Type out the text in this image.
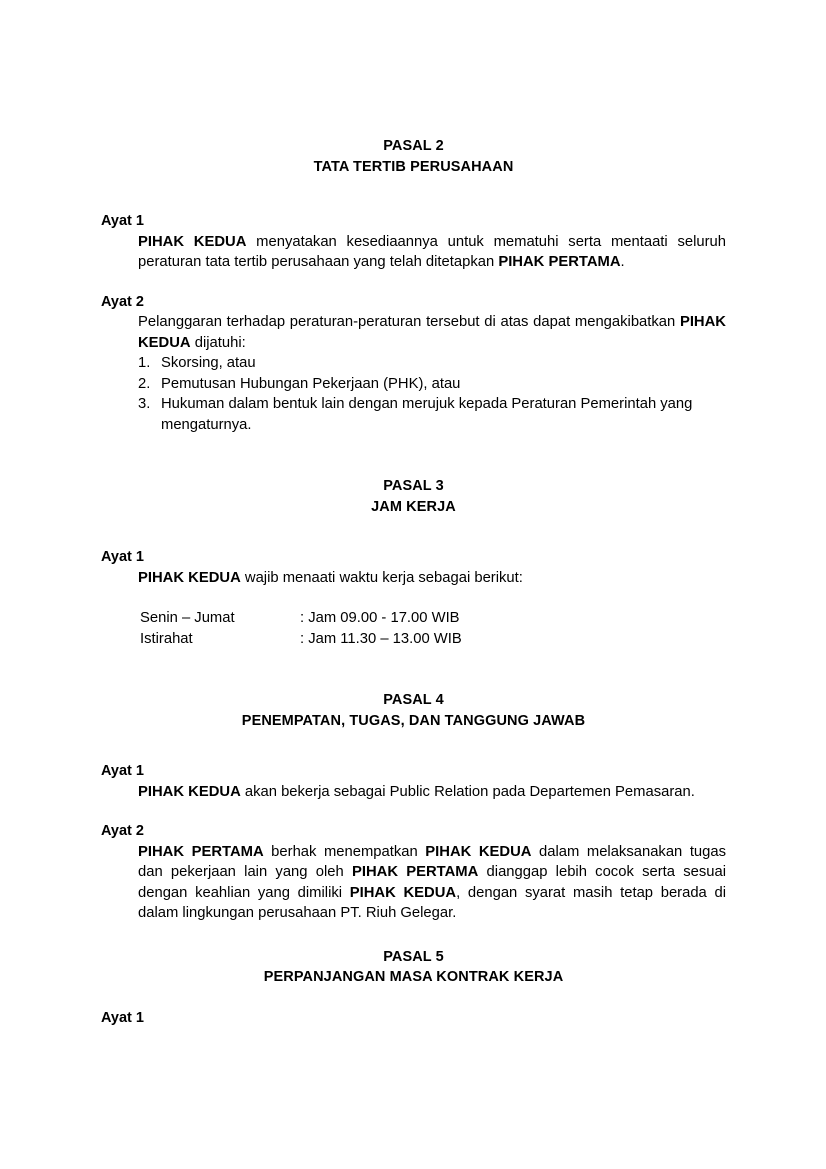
PASAL 2
TATA TERTIB PERUSAHAAN
Ayat 1

PIHAK KEDUA menyatakan kesediaannya untuk mematuhi serta mentaati seluruh peraturan tata tertib perusahaan yang telah ditetapkan PIHAK PERTAMA.

Ayat 2

Pelanggaran terhadap peraturan-peraturan tersebut di atas dapat mengakibatkan PIHAK KEDUA dijatuhi:

1. Skorsing, atau
2. Pemutusan Hubungan Pekerjaan (PHK), atau
3. Hukuman dalam bentuk lain dengan merujuk kepada Peraturan Pemerintah yang mengaturnya.
PASAL 3
JAM KERJA
Ayat 1

PIHAK KEDUA wajib menaati waktu kerja sebagai berikut:

Senin – Jumat	: Jam 09.00 - 17.00 WIB
Istirahat	: Jam 11.30 – 13.00 WIB
PASAL 4
PENEMPATAN, TUGAS, DAN TANGGUNG JAWAB
Ayat 1

PIHAK KEDUA akan bekerja sebagai Public Relation pada Departemen Pemasaran.

Ayat 2

PIHAK PERTAMA berhak menempatkan PIHAK KEDUA dalam melaksanakan tugas dan pekerjaan lain yang oleh PIHAK PERTAMA dianggap lebih cocok serta sesuai dengan keahlian yang dimiliki PIHAK KEDUA, dengan syarat masih tetap berada di dalam lingkungan perusahaan PT. Riuh Gelegar.

PASAL 5
PERPANJANGAN MASA KONTRAK KERJA
Ayat 1
